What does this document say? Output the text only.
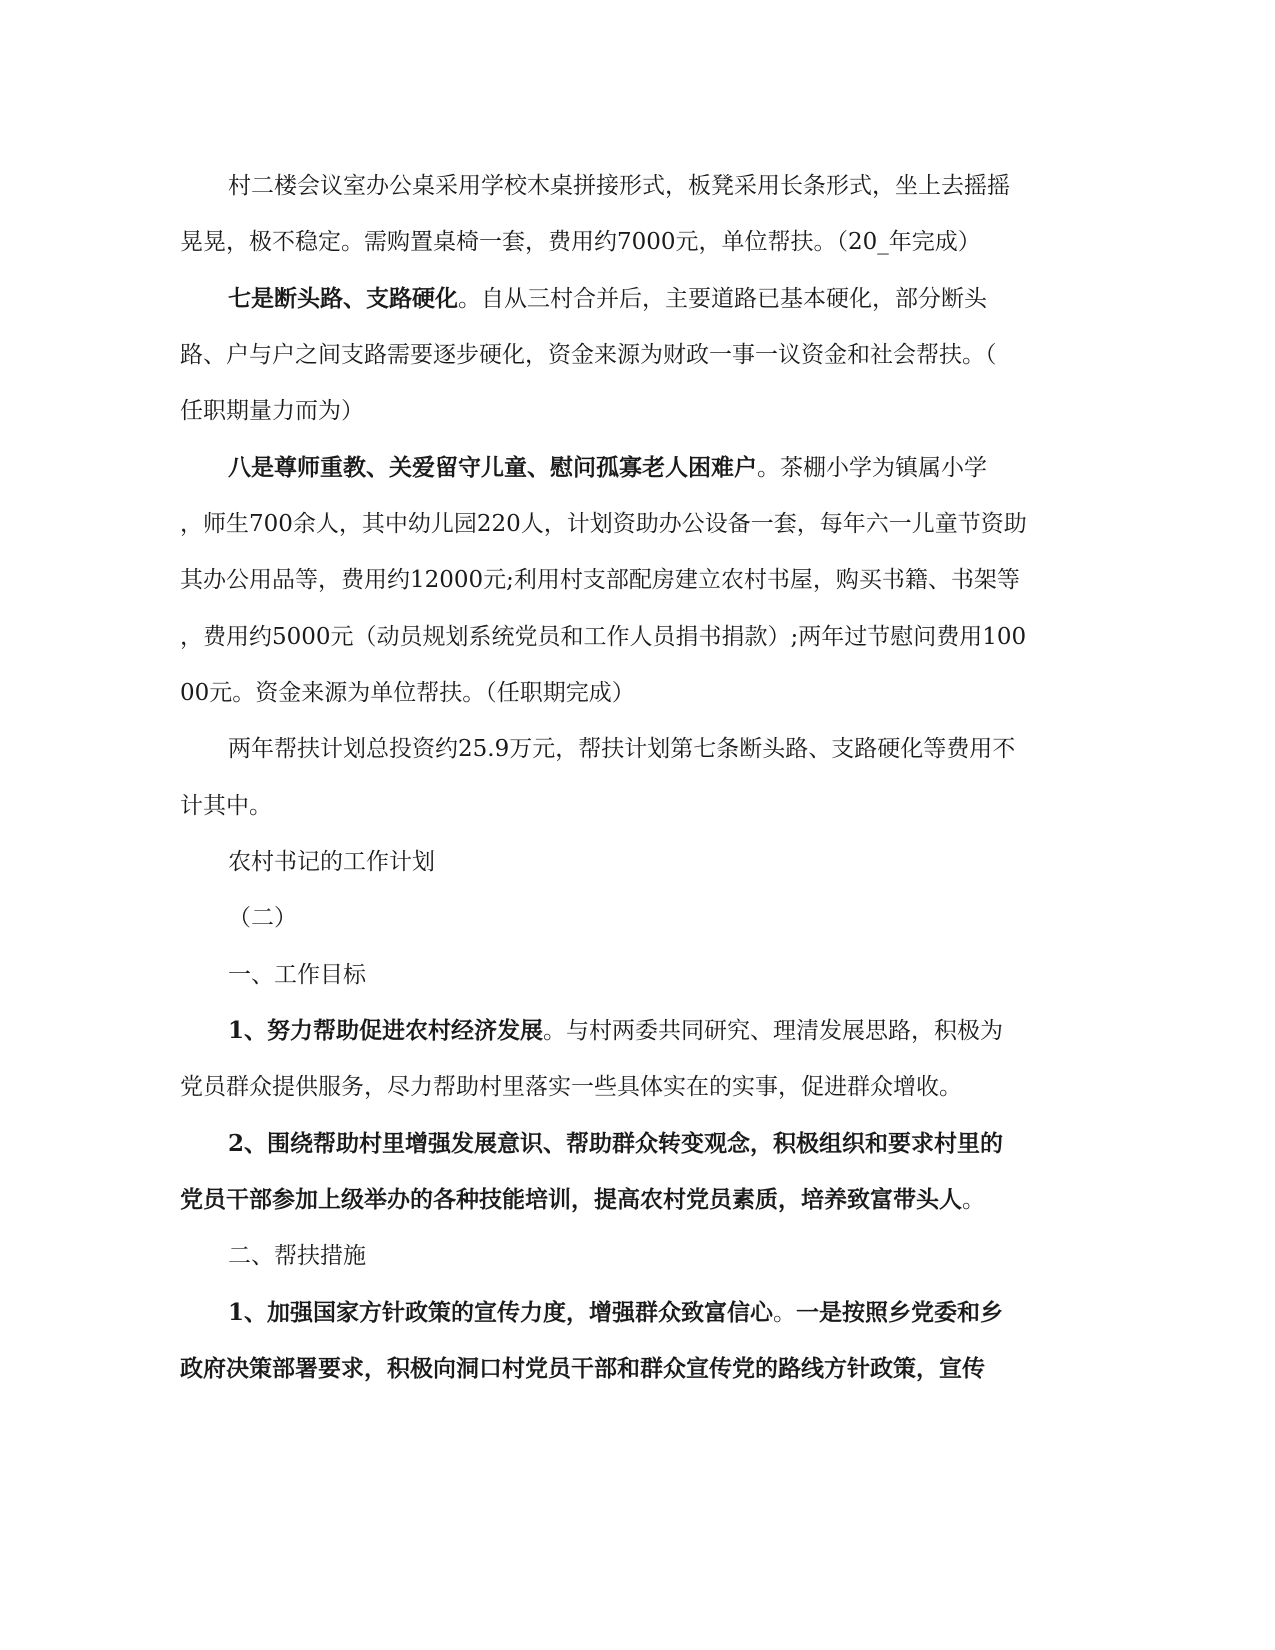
村二楼会议室办公桌采用学校木桌拼接形式，板凳采用长条形式，坐上去摇摇
晃晃，极不稳定。需购置桌椅一套，费用约7000元，单位帮扶。（20_年完成）
七是断头路、支路硬化。自从三村合并后，主要道路已基本硬化，部分断头
路、户与户之间支路需要逐步硬化，资金来源为财政一事一议资金和社会帮扶。（
任职期量力而为）
八是尊师重教、关爱留守儿童、慰问孤寡老人困难户。茶棚小学为镇属小学
，师生700余人，其中幼儿园220人，计划资助办公设备一套，每年六一儿童节资助
其办公用品等，费用约12000元;利用村支部配房建立农村书屋，购买书籍、书架等
，费用约5000元（动员规划系统党员和工作人员捐书捐款）;两年过节慰问费用100
00元。资金来源为单位帮扶。（任职期完成）
两年帮扶计划总投资约25.9万元，帮扶计划第七条断头路、支路硬化等费用不
计其中。
农村书记的工作计划
（二）
一、工作目标
1、努力帮助促进农村经济发展。与村两委共同研究、理清发展思路，积极为
党员群众提供服务，尽力帮助村里落实一些具体实在的实事，促进群众增收。
2、围绕帮助村里增强发展意识、帮助群众转变观念，积极组织和要求村里的
党员干部参加上级举办的各种技能培训，提高农村党员素质，培养致富带头人。
二、帮扶措施
1、加强国家方针政策的宣传力度，增强群众致富信心。一是按照乡党委和乡
政府决策部署要求，积极向洞口村党员干部和群众宣传党的路线方针政策，宣传
